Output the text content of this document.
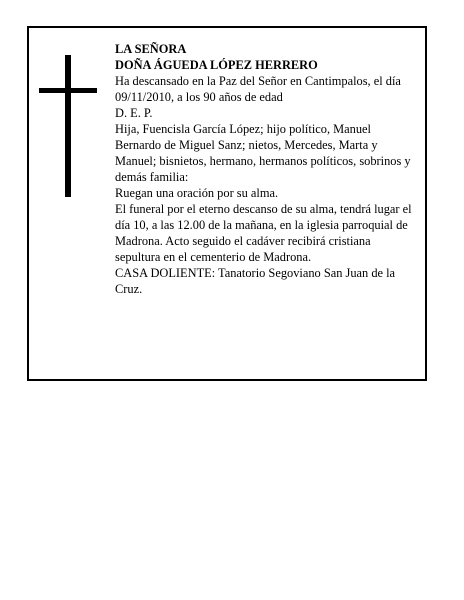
LA SEÑORA

DOÑA ÁGUEDA LÓPEZ HERRERO

Ha descansado en la Paz del Señor en Cantimpalos, el día 09/11/2010, a los 90 años de edad

D. E. P.

Hija, Fuencisla García López; hijo político, Manuel Bernardo de Miguel Sanz; nietos, Mercedes, Marta y Manuel; bisnietos, hermano, hermanos políticos, sobrinos y demás familia:

Ruegan una oración por su alma.

El funeral por el eterno descanso de su alma, tendrá lugar el día 10, a las 12.00 de la mañana, en la iglesia parroquial de Madrona. Acto seguido el cadáver recibirá cristiana sepultura en el cementerio de Madrona.

CASA DOLIENTE: Tanatorio Segoviano San Juan de la Cruz.
